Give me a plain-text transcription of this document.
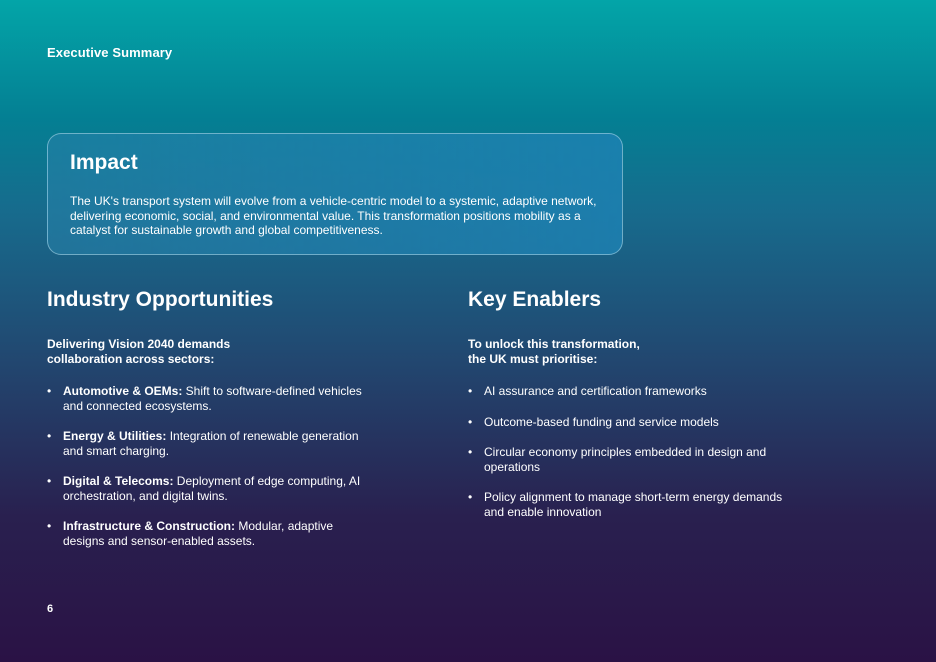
Executive Summary
Impact

The UK's transport system will evolve from a vehicle-centric model to a systemic, adaptive network, delivering economic, social, and environmental value. This transformation positions mobility as a catalyst for sustainable growth and global competitiveness.

Industry Opportunities

Delivering Vision 2040 demands collaboration across sectors:

• Automotive & OEMs: Shift to software-defined vehicles and connected ecosystems.
• Energy & Utilities: Integration of renewable generation and smart charging.
• Digital & Telecoms: Deployment of edge computing, AI orchestration, and digital twins.
• Infrastructure & Construction: Modular, adaptive designs and sensor-enabled assets.
Key Enablers

To unlock this transformation, the UK must prioritise:

• AI assurance and certification frameworks
• Outcome-based funding and service models
• Circular economy principles embedded in design and operations
• Policy alignment to manage short-term energy demands and enable innovation
6
